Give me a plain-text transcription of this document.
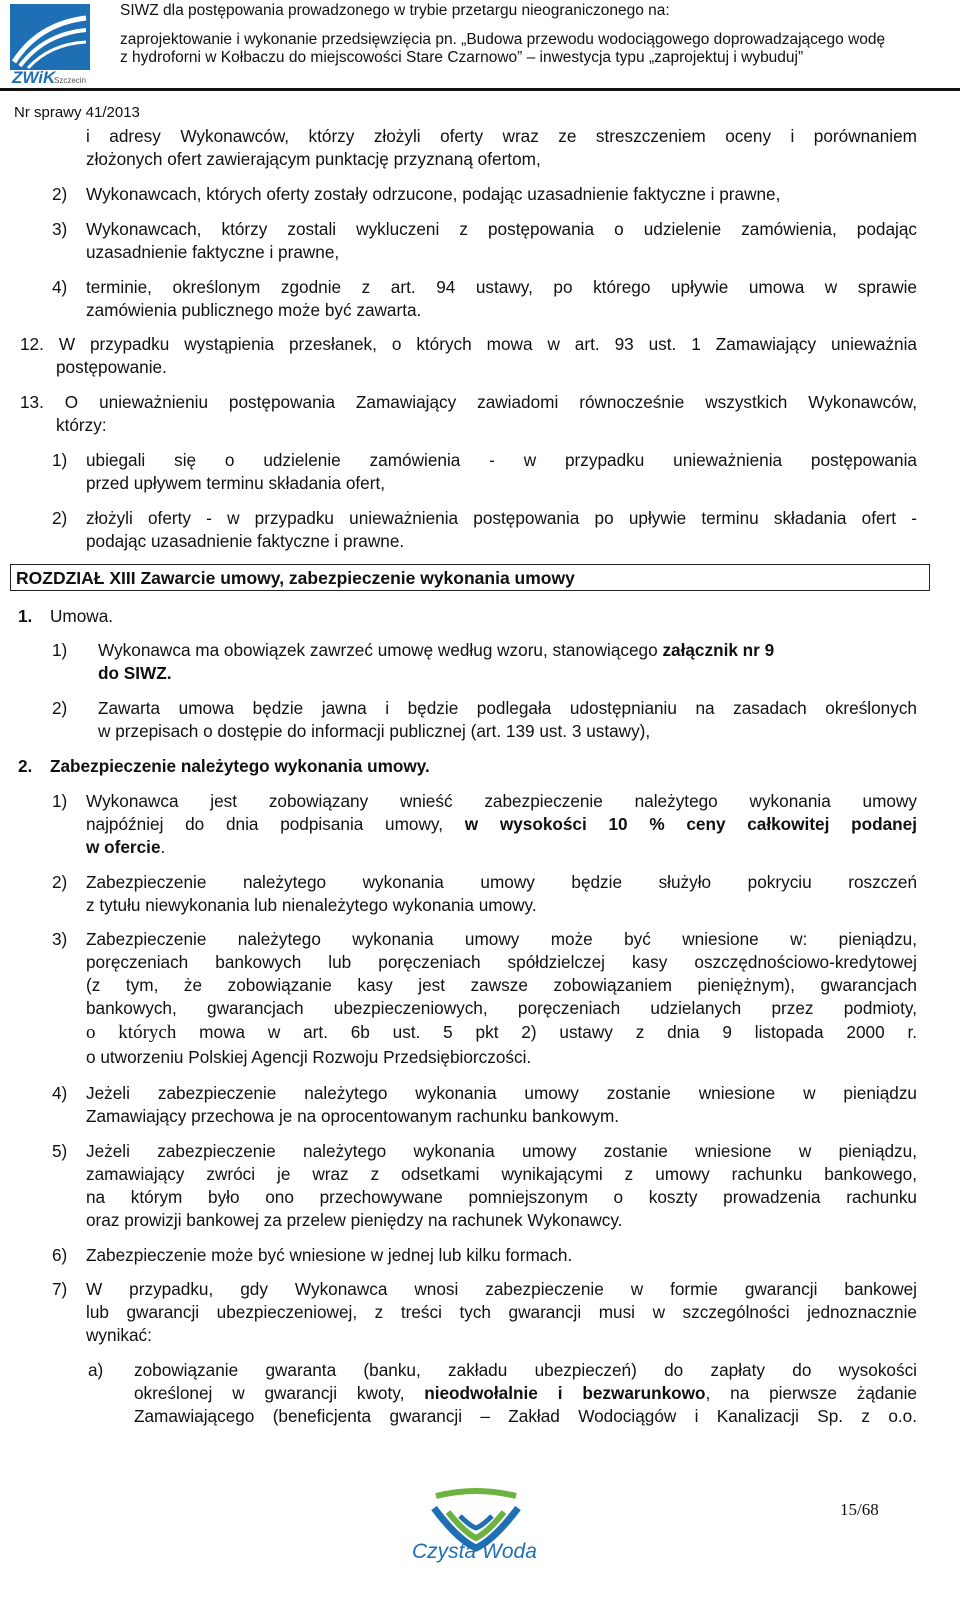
ZWiK
Szczecin
SIWZ dla postępowania prowadzonego w trybie przetargu nieograniczonego na:
zaprojektowanie i wykonanie przedsięwzięcia pn. „Budowa przewodu wodociągowego doprowadzającego wodę
z hydroforni w Kołbaczu do miejscowości Stare Czarnowo” – inwestycja typu „zaprojektuj i wybuduj”
Nr sprawy 41/2013
i adresy Wykonawców, którzy złożyli oferty wraz ze streszczeniem oceny i porównaniem
złożonych ofert zawierającym punktację przyznaną ofertom,
2) Wykonawcach, których oferty zostały odrzucone, podając uzasadnienie faktyczne i prawne,
3) Wykonawcach, którzy zostali wykluczeni z postępowania o udzielenie zamówienia, podając
uzasadnienie faktyczne i prawne,
4) terminie, określonym zgodnie z art. 94 ustawy, po którego upływie umowa w sprawie
zamówienia publicznego może być zawarta.
12. W przypadku wystąpienia przesłanek, o których mowa w art. 93 ust. 1 Zamawiający unieważnia
postępowanie.
13. O unieważnieniu postępowania Zamawiający zawiadomi równocześnie wszystkich Wykonawców,
którzy:
1) ubiegali się o udzielenie zamówienia - w przypadku unieważnienia postępowania
przed upływem terminu składania ofert,
2) złożyli oferty - w przypadku unieważnienia postępowania po upływie terminu składania ofert -
podając uzasadnienie faktyczne i prawne.
ROZDZIAŁ XIII Zawarcie umowy, zabezpieczenie wykonania umowy
1. Umowa.
1) Wykonawca ma obowiązek zawrzeć umowę według wzoru, stanowiącego załącznik nr 9
do SIWZ.
2) Zawarta umowa będzie jawna i będzie podlegała udostępnianiu na zasadach określonych
w przepisach o dostępie do informacji publicznej (art. 139 ust. 3 ustawy),
2. Zabezpieczenie należytego wykonania umowy.
1) Wykonawca jest zobowiązany wnieść zabezpieczenie należytego wykonania umowy
najpóźniej do dnia podpisania umowy, w wysokości 10 % ceny całkowitej podanej
w ofercie.
2) Zabezpieczenie należytego wykonania umowy będzie służyło pokryciu roszczeń
z tytułu niewykonania lub nienależytego wykonania umowy.
3) Zabezpieczenie należytego wykonania umowy może być wniesione w: pieniądzu,
poręczeniach bankowych lub poręczeniach spółdzielczej kasy oszczędnościowo-kredytowej
(z tym, że zobowiązanie kasy jest zawsze zobowiązaniem pieniężnym), gwarancjach
bankowych, gwarancjach ubezpieczeniowych, poręczeniach udzielanych przez podmioty,
o których mowa w art. 6b ust. 5 pkt 2) ustawy z dnia 9 listopada 2000 r.
o utworzeniu Polskiej Agencji Rozwoju Przedsiębiorczości.
4) Jeżeli zabezpieczenie należytego wykonania umowy zostanie wniesione w pieniądzu
Zamawiający przechowa je na oprocentowanym rachunku bankowym.
5) Jeżeli zabezpieczenie należytego wykonania umowy zostanie wniesione w pieniądzu,
zamawiający zwróci je wraz z odsetkami wynikającymi z umowy rachunku bankowego,
na którym było ono przechowywane pomniejszonym o koszty prowadzenia rachunku
oraz prowizji bankowej za przelew pieniędzy na rachunek Wykonawcy.
6) Zabezpieczenie może być wniesione w jednej lub kilku formach.
7) W przypadku, gdy Wykonawca wnosi zabezpieczenie w formie gwarancji bankowej
lub gwarancji ubezpieczeniowej, z treści tych gwarancji musi w szczególności jednoznacznie
wynikać:
a) zobowiązanie gwaranta (banku, zakładu ubezpieczeń) do zapłaty do wysokości
określonej w gwarancji kwoty, nieodwołalnie i bezwarunkowo, na pierwsze żądanie
Zamawiającego (beneficjenta gwarancji – Zakład Wodociągów i Kanalizacji Sp. z o.o.
Czysta Woda
15/68
